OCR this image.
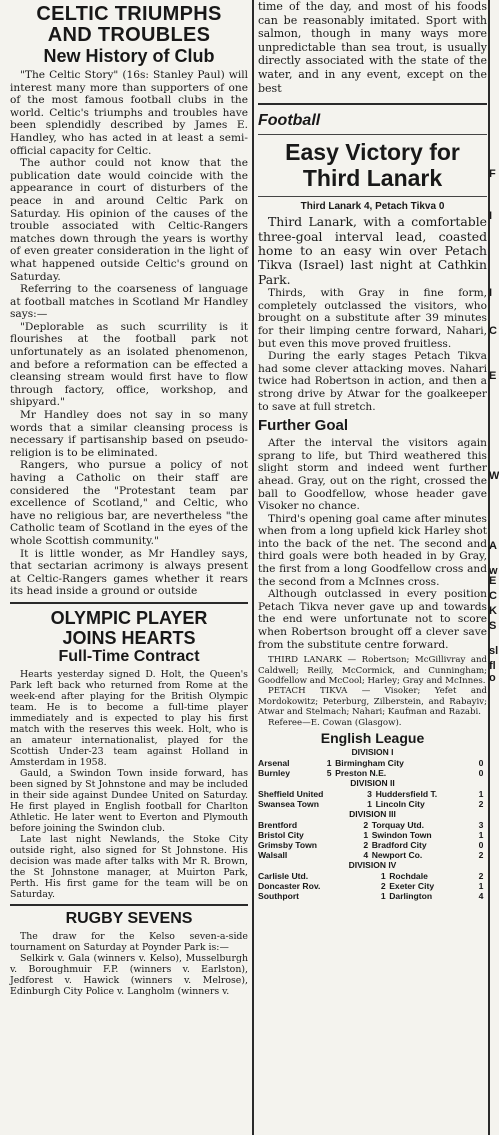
CELTIC TRIUMPHS
AND TROUBLES
New History of Club

"The Celtic Story" (16s: Stanley Paul) will interest many more than supporters of one of the most famous football clubs in the world. Celtic's triumphs and troubles have been splendidly described by James E. Handley, who has acted in at least a semi-official capacity for Celtic.

The author could not know that the publication date would coincide with the appearance in court of disturbers of the peace in and around Celtic Park on Saturday. His opinion of the causes of the trouble associated with Celtic-Rangers matches down through the years is worthy of even greater consideration in the light of what happened outside Celtic's ground on Saturday.

Referring to the coarseness of language at football matches in Scotland Mr Handley says:—

"Deplorable as such scurrility is it flourishes at the football park not unfortunately as an isolated phenomenon, and before a reformation can be effected a cleansing stream would first have to flow through factory, office, workshop, and shipyard."

Mr Handley does not say in so many words that a similar cleansing process is necessary if partisanship based on pseudo-religion is to be eliminated.

Rangers, who pursue a policy of not having a Catholic on their staff are considered the "Protestant team par excellence of Scotland," and Celtic, who have no religious bar, are nevertheless "the Catholic team of Scotland in the eyes of the whole Scottish community."

It is little wonder, as Mr Handley says, that sectarian acrimony is always present at Celtic-Rangers games whether it rears its head inside a ground or outside

OLYMPIC PLAYER
JOINS HEARTS
Full-Time Contract

Hearts yesterday signed D. Holt, the Queen's Park left back who returned from Rome at the week-end after playing for the British Olympic team. He is to become a full-time player immediately and is expected to play his first match with the reserves this week. Holt, who is an amateur internationalist, played for the Scottish Under-23 team against Holland in Amsterdam in 1958.

Gauld, a Swindon Town inside forward, has been signed by St Johnstone and may be included in their side against Dundee United on Saturday. He first played in English football for Charlton Athletic. He later went to Everton and Plymouth before joining the Swindon club.

Late last night Newlands, the Stoke City outside right, also signed for St Johnstone. His decision was made after talks with Mr R. Brown, the St Johnstone manager, at Muirton Park, Perth. His first game for the team will be on Saturday.

RUGBY SEVENS

The draw for the Kelso seven-a-side tournament on Saturday at Poynder Park is:—

Selkirk v. Gala (winners v. Kelso), Musselburgh v. Boroughmuir F.P. (winners v. Earlston), Jedforest v. Hawick (winners v. Melrose), Edinburgh City Police v. Langholm (winners v.

time of the day, and most of his foods can be reasonably imitated. Sport with salmon, though in many ways more unpredictable than sea trout, is usually directly associated with the state of the water, and in any event, except on the best

Football
Easy Victory for
Third Lanark
Third Lanark 4, Petach Tikva 0

Third Lanark, with a comfortable three-goal interval lead, coasted home to an easy win over Petach Tikva (Israel) last night at Cathkin Park.

Thirds, with Gray in fine form, completely outclassed the visitors, who brought on a substitute after 39 minutes for their limping centre forward, Nahari, but even this move proved fruitless.

During the early stages Petach Tikva had some clever attacking moves. Nahari twice had Robertson in action, and then a strong drive by Atwar for the goalkeeper to save at full stretch.

Further Goal

After the interval the visitors again sprang to life, but Third weathered this slight storm and indeed went further ahead. Gray, out on the right, crossed the ball to Goodfellow, whose header gave Visoker no chance.

Third's opening goal came after minutes when from a long upfield kick Harley shot into the back of the net. The second and third goals were both headed in by Gray, the first from a long Goodfellow cross and the second from a McInnes cross.

Although outclassed in every position Petach Tikva never gave up and towards the end were unfortunate not to score when Robertson brought off a clever save from the substitute centre forward.

THIRD LANARK — Robertson; McGillivray and Caldwell; Reilly, McCormick, and Cunningham; Goodfellow and McCool; Harley; Gray and McInnes.

PETACH TIKVA — Visoker; Yefet and Mordokowitz; Peterburg, Zilberstein, and Rabayiv; Atwar and Stelmach; Nahari; Kaufman and Razabi.

Referee—E. Cowan (Glasgow).

English League
DIVISION I
Arsenal	1	Birmingham City	0
Burnley	5	Preston N.E.	0
DIVISION II
Sheffield United	3	Huddersfield T.	1
Swansea Town	1	Lincoln City	2
DIVISION III
Brentford	2	Torquay Utd.	3
Bristol City	1	Swindon Town	1
Grimsby Town	2	Bradford City	0
Walsall	4	Newport Co.	2
DIVISION IV
Carlisle Utd.	1	Rochdale	2
Doncaster Rov.	2	Exeter City	1
Southport	1	Darlington	4
F
I
I
C
E
W
A
w
E
C
K
S
sl
fl
o
